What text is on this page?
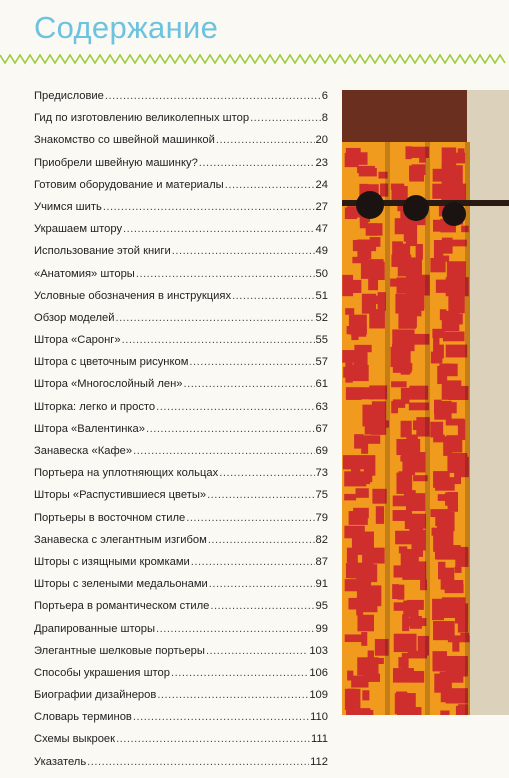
Содержание
Предисловие .....	6
Гид по изготовлению великолепных штор .....	8
Знакомство со швейной машинкой .....	20
Приобрели швейную машинку? .....	23
Готовим оборудование и материалы .....	24
Учимся шить .....	27
Украшаем штору .....	47
Использование этой книги .....	49
«Анатомия» шторы .....	50
Условные обозначения в инструкциях .....	51
Обзор моделей .....	52
Штора «Саронг» .....	55
Штора с цветочным рисунком .....	57
Штора «Многослойный лен» .....	61
Шторка: легко и просто .....	63
Штора «Валентинка» .....	67
Занавеска «Кафе» .....	69
Портьера на уплотняющих кольцах .....	73
Шторы «Распустившиеся цветы» .....	75
Портьеры в восточном стиле .....	79
Занавеска с элегантным изгибом .....	82
Шторы с изящными кромками .....	87
Шторы с зелеными медальонами .....	91
Портьера в романтическом стиле .....	95
Драпированные шторы .....	99
Элегантные шелковые портьеры .....	103
Способы украшения штор .....	106
Биографии дизайнеров .....	109
Словарь терминов .....	110
Схемы выкроек .....	111
Указатель .....	112
